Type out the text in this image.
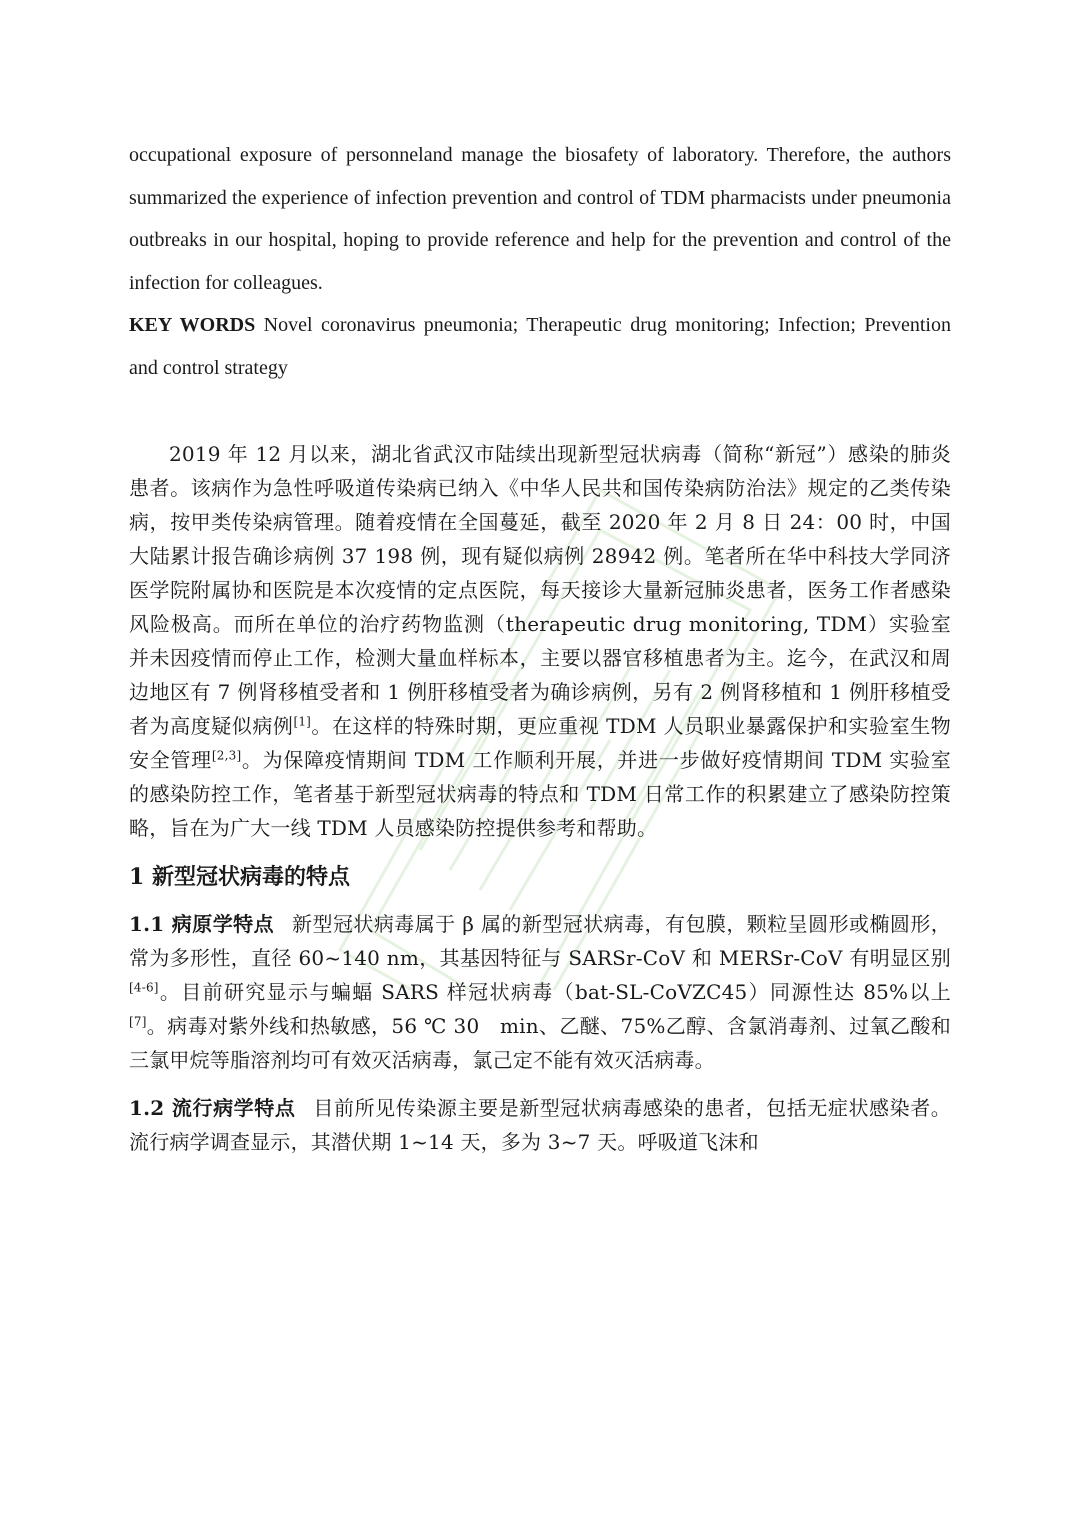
occupational exposure of personneland manage the biosafety of laboratory. Therefore, the authors summarized the experience of infection prevention and control of TDM pharmacists under pneumonia outbreaks in our hospital, hoping to provide reference and help for the prevention and control of the infection for colleagues.

KEY WORDS Novel coronavirus pneumonia; Therapeutic drug monitoring; Infection; Prevention and control strategy

2019 年 12 月以来，湖北省武汉市陆续出现新型冠状病毒（简称“新冠”）感染的肺炎患者。该病作为急性呼吸道传染病已纳入《中华人民共和国传染病防治法》规定的乙类传染病，按甲类传染病管理。随着疫情在全国蔓延，截至 2020 年 2 月 8 日 24：00 时，中国大陆累计报告确诊病例 37 198 例，现有疑似病例 28942 例。笔者所在华中科技大学同济医学院附属协和医院是本次疫情的定点医院，每天接诊大量新冠肺炎患者，医务工作者感染风险极高。而所在单位的治疗药物监测（therapeutic drug monitoring, TDM）实验室并未因疫情而停止工作，检测大量血样标本，主要以器官移植患者为主。迄今，在武汉和周边地区有 7 例肾移植受者和 1 例肝移植受者为确诊病例，另有 2 例肾移植和 1 例肝移植受者为高度疑似病例[1]。在这样的特殊时期，更应重视 TDM 人员职业暴露保护和实验室生物安全管理[2,3]。为保障疫情期间 TDM 工作顺利开展，并进一步做好疫情期间 TDM 实验室的感染防控工作，笔者基于新型冠状病毒的特点和 TDM 日常工作的积累建立了感染防控策略，旨在为广大一线 TDM 人员感染防控提供参考和帮助。

1 新型冠状病毒的特点

1.1 病原学特点 新型冠状病毒属于 β 属的新型冠状病毒，有包膜，颗粒呈圆形或椭圆形，常为多形性，直径 60~140 nm，其基因特征与 SARSr-CoV 和 MERSr-CoV 有明显区别[4-6]。目前研究显示与蝙蝠 SARS 样冠状病毒（bat-SL-CoVZC45）同源性达 85%以上[7]。病毒对紫外线和热敏感，56 ℃ 30　min、乙醚、75%乙醇、含氯消毒剂、过氧乙酸和三氯甲烷等脂溶剂均可有效灭活病毒，氯己定不能有效灭活病毒。

1.2 流行病学特点 目前所见传染源主要是新型冠状病毒感染的患者，包括无症状感染者。流行病学调查显示，其潜伏期 1~14 天，多为 3~7 天。呼吸道飞沫和
